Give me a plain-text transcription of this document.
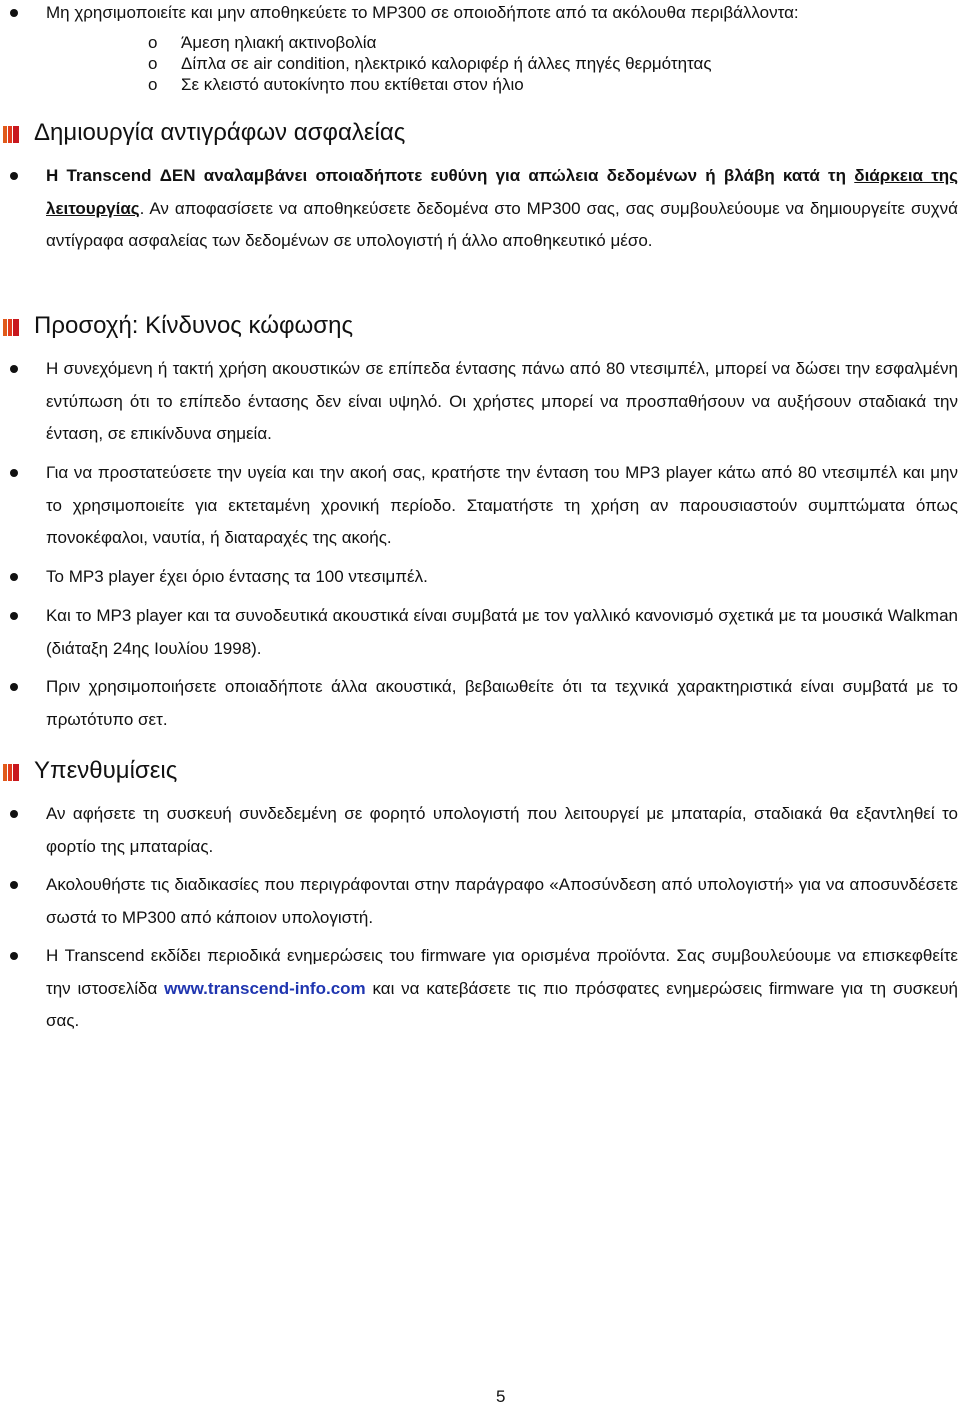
Μη χρησιμοποιείτε και μην αποθηκεύετε το MP300 σε οποιοδήποτε από τα ακόλουθα περιβάλλοντα:
o Άμεση ηλιακή ακτινοβολία
o Δίπλα σε air condition, ηλεκτρικό καλοριφέρ ή άλλες πηγές θερμότητας
o Σε κλειστό αυτοκίνητο που εκτίθεται στον ήλιο
Δημιουργία αντιγράφων ασφαλείας
Η Transcend ΔΕΝ αναλαμβάνει οποιαδήποτε ευθύνη για απώλεια δεδομένων ή βλάβη κατά τη διάρκεια της λειτουργίας. Αν αποφασίσετε να αποθηκεύσετε δεδομένα στο MP300 σας, σας συμβουλεύουμε να δημιουργείτε συχνά αντίγραφα ασφαλείας των δεδομένων σε υπολογιστή ή άλλο αποθηκευτικό μέσο.
Προσοχή: Κίνδυνος κώφωσης
Η συνεχόμενη ή τακτή χρήση ακουστικών σε επίπεδα έντασης πάνω από 80 ντεσιμπέλ, μπορεί να δώσει την εσφαλμένη εντύπωση ότι το επίπεδο έντασης δεν είναι υψηλό. Οι χρήστες μπορεί να προσπαθήσουν να αυξήσουν σταδιακά την ένταση, σε επικίνδυνα σημεία.
Για να προστατεύσετε την υγεία και την ακοή σας, κρατήστε την ένταση του MP3 player κάτω από 80 ντεσιμπέλ και μην το χρησιμοποιείτε για εκτεταμένη χρονική περίοδο. Σταματήστε τη χρήση αν παρουσιαστούν συμπτώματα όπως πονοκέφαλοι, ναυτία, ή διαταραχές της ακοής.
Το MP3 player έχει όριο έντασης τα 100 ντεσιμπέλ.
Και το MP3 player και τα συνοδευτικά ακουστικά είναι συμβατά με τον γαλλικό κανονισμό σχετικά με τα μουσικά Walkman (διάταξη 24ης Ιουλίου 1998).
Πριν χρησιμοποιήσετε οποιαδήποτε άλλα ακουστικά, βεβαιωθείτε ότι τα τεχνικά χαρακτηριστικά είναι συμβατά με το πρωτότυπο σετ.
Υπενθυμίσεις
Αν αφήσετε τη συσκευή συνδεδεμένη σε φορητό υπολογιστή που λειτουργεί με μπαταρία, σταδιακά θα εξαντληθεί το φορτίο της μπαταρίας.
Ακολουθήστε τις διαδικασίες που περιγράφονται στην παράγραφο «Αποσύνδεση από υπολογιστή» για να αποσυνδέσετε σωστά το MP300 από κάποιον υπολογιστή.
Η Transcend εκδίδει περιοδικά ενημερώσεις του firmware για ορισμένα προϊόντα. Σας συμβουλεύουμε να επισκεφθείτε την ιστοσελίδα www.transcend-info.com και να κατεβάσετε τις πιο πρόσφατες ενημερώσεις firmware για τη συσκευή σας.
5
